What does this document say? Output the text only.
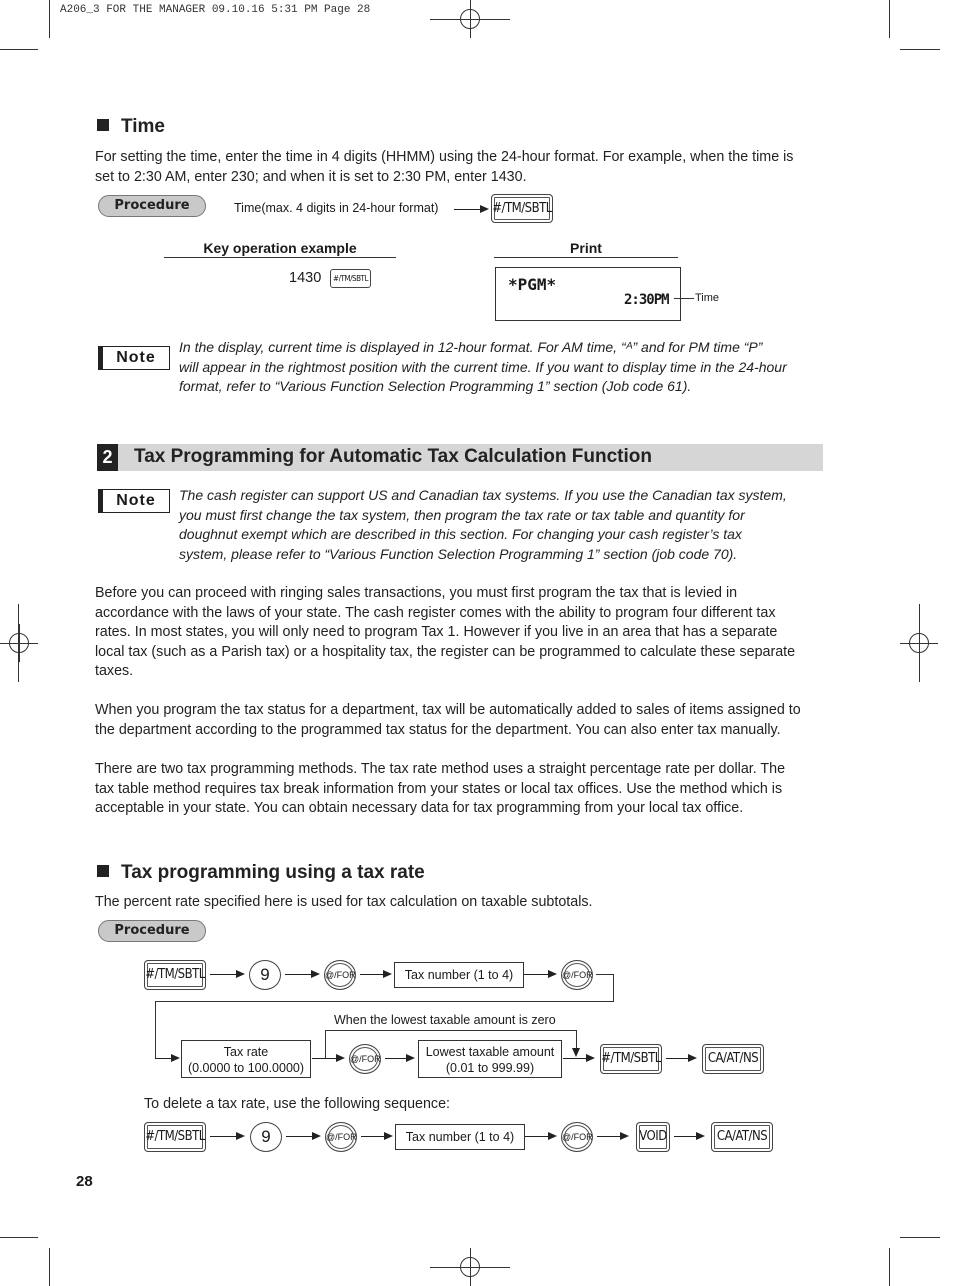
A206_3 FOR THE MANAGER 09.10.16 5:31 PM Page 28
Time
For setting the time, enter the time in 4 digits (HHMM) using the 24-hour format. For example, when the time is
set to 2:30 AM, enter 230; and when it is set to 2:30 PM, enter 1430.
Procedure	Time(max. 4 digits in 24-hour format)	#/TM/SBTL
Key operation example	Print
1430	#/TM/SBTL	*PGM*
2:30PM Time
Note
In the display, current time is displayed in 12-hour format. For AM time, “ᴬ” and for PM time “P”
will appear in the rightmost position with the current time. If you want to display time in the 24-hour
format, refer to “Various Function Selection Programming 1” section (Job code 61).
2 Tax Programming for Automatic Tax Calculation Function
Note	The cash register can support US and Canadian tax systems. If you use the Canadian tax system,
you must first change the tax system, then program the tax rate or tax table and quantity for
doughnut exempt which are described in this section. For changing your cash register’s tax
system, please refer to “Various Function Selection Programming 1” section (job code 70).
Before you can proceed with ringing sales transactions, you must first program the tax that is levied in
accordance with the laws of your state. The cash register comes with the ability to program four different tax
rates. In most states, you will only need to program Tax 1. However if you live in an area that has a separate
local tax (such as a Parish tax) or a hospitality tax, the register can be programmed to calculate these separate
taxes.
When you program the tax status for a department, tax will be automatically added to sales of items assigned to
the department according to the programmed tax status for the department. You can also enter tax manually.
There are two tax programming methods. The tax rate method uses a straight percentage rate per dollar. The
tax table method requires tax break information from your states or local tax offices. Use the method which is
acceptable in your state. You can obtain necessary data for tax programming from your local tax office.
Tax programming using a tax rate
The percent rate specified here is used for tax calculation on taxable subtotals.
Procedure
#/TM/SBTL	9	@/FOR	Tax number (1 to 4)	@/FOR
When the lowest taxable amount is zero
Tax rate
(0.0000 to 100.0000)
@/FOR	Lowest taxable amount
(0.01 to 999.99)
#/TM/SBTL	CA/AT/NS
To delete a tax rate, use the following sequence:
#/TM/SBTL	9	@/FOR	Tax number (1 to 4)	@/FOR	VOID	CA/AT/NS
28
